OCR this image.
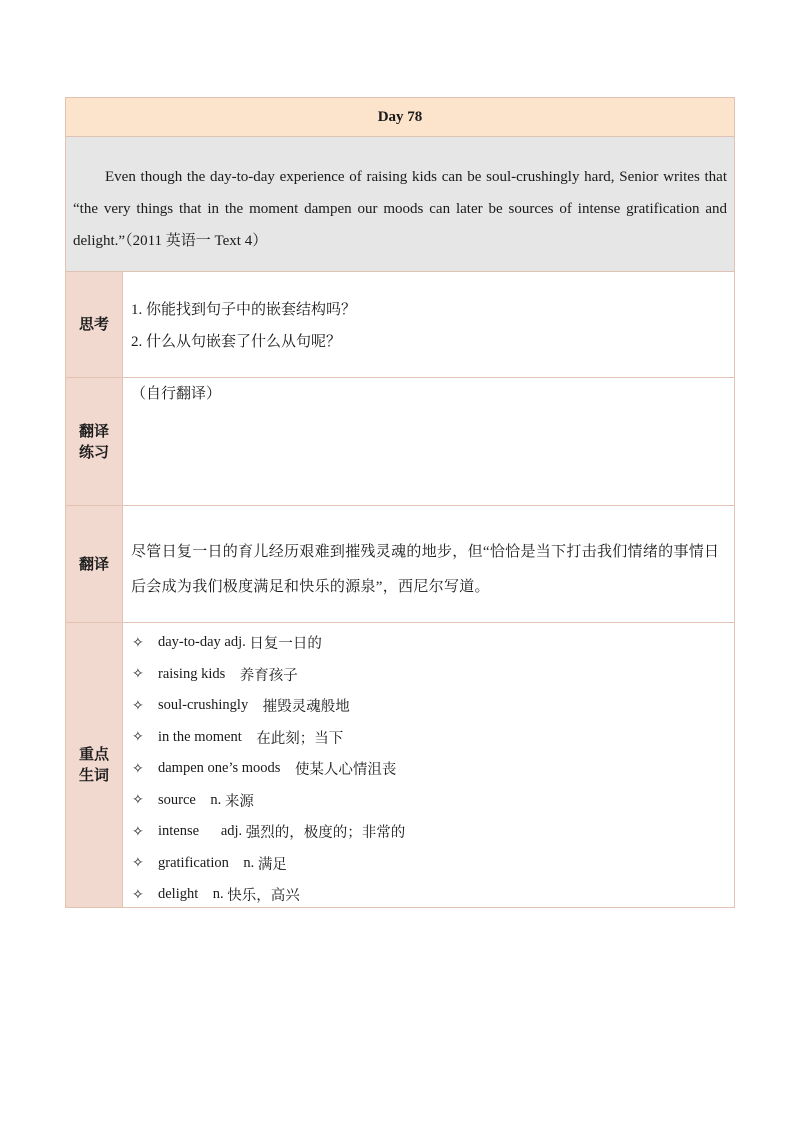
Day 78

Even though the day-to-day experience of raising kids can be soul-crushingly hard, Senior writes that “the very things that in the moment dampen our moods can later be sources of intense gratification and delight.”（2011 英语一 Text 4）

思考
1. 你能找到句子中的嵌套结构吗？
2. 什么从句嵌套了什么从句呢？
翻译
练习
（自行翻译）
翻译
尽管日复一日的育儿经历艰难到摧残灵魂的地步，但“恰恰是当下打击我们情绪的事情日后会成为我们极度满足和快乐的源泉”，西尼尔写道。
重点
生词
✧ day-to-day adj. 日复一日的
✧ raising kids 养育孩子
✧ soul-crushingly 摧毁灵魂般地
✧ in the moment 在此刻；当下
✧ dampen one’s moods 使某人心情沮丧
✧ source    n. 来源
✧ intense      adj. 强烈的，极度的；非常的
✧ gratification    n. 满足
✧ delight    n. 快乐，高兴
